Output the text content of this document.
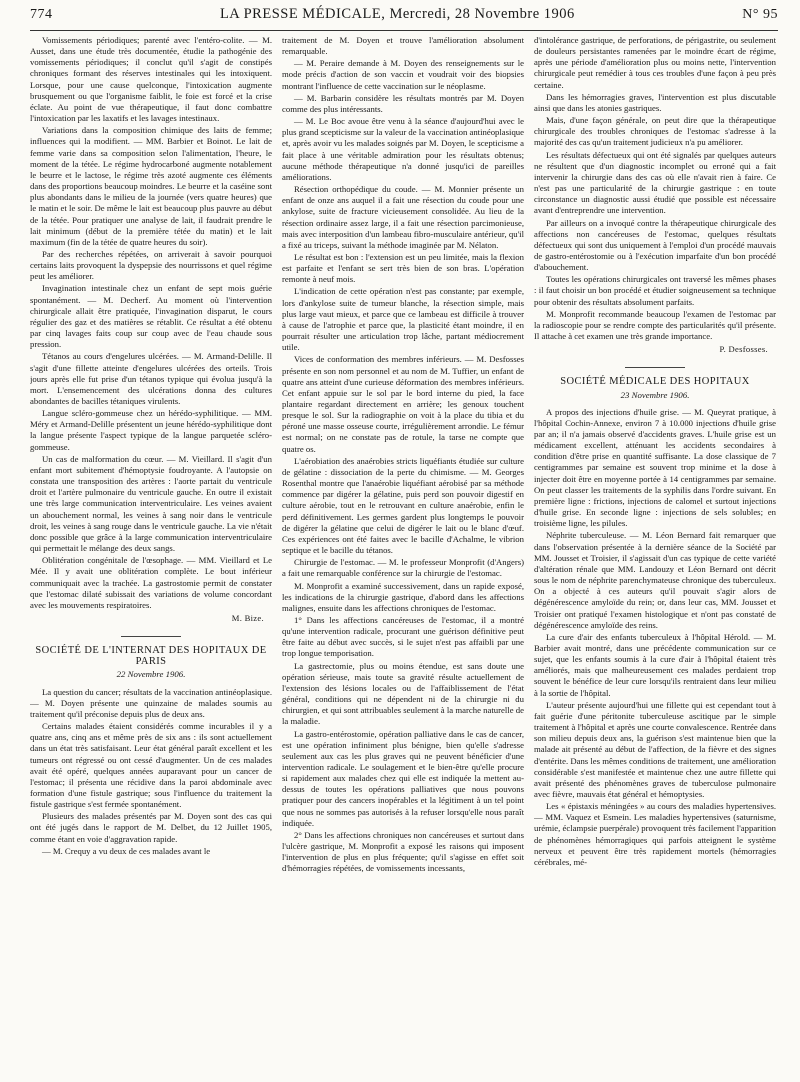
774	LA PRESSE MÉDICALE, Mercredi, 28 Novembre 1906	N° 95

Vomissements périodiques; parenté avec l'entéro-colite. — M. Ausset, dans une étude très documentée, étudie la pathogénie des vomissements périodiques; il conclut qu'il s'agit de constipés chroniques formant des réserves intestinales qui les intoxiquent. Lorsque, pour une cause quelconque, l'intoxication augmente brusquement ou que l'organisme faiblit, le foie est forcé et la crise éclate. Au point de vue thérapeutique, il faut donc combattre l'intoxication par les laxatifs et les lavages intestinaux.

Variations dans la composition chimique des laits de femme; influences qui la modifient. — MM. Barbier et Boinot. Le lait de femme varie dans sa composition selon l'alimentation, l'heure, le moment de la tétée. Le régime hydrocarboné augmente notablement le beurre et le lactose, le régime très azoté augmente ces éléments dans des proportions beaucoup moindres. Le beurre et la caséine sont plus abondants dans le milieu de la journée (vers quatre heures) que le matin et le soir. De même le lait est beaucoup plus pauvre au début de la tétée. Pour pratiquer une analyse de lait, il faudrait prendre le lait minimum (début de la première tétée du matin) et le lait maximum (fin de la tétée de quatre heures du soir).

Par des recherches répétées, on arriverait à savoir pourquoi certains laits provoquent la dyspepsie des nourrissons et quel régime peut les améliorer.

Invagination intestinale chez un enfant de sept mois guérie spontanément. — M. Decherf. Au moment où l'intervention chirurgicale allait être pratiquée, l'invagination disparut, le cours régulier des gaz et des matières se rétablit. Ce résultat a été obtenu par cinq lavages faits coup sur coup avec de l'eau chaude sous pression.

Tétanos au cours d'engelures ulcérées. — M. Armand-Delille. Il s'agit d'une fillette atteinte d'engelures ulcérées des orteils. Trois jours après elle fut prise d'un tétanos typique qui évolua jusqu'à la mort. L'ensemencement des ulcérations donna des cultures abondantes de bacilles tétaniques virulents.

Langue scléro-gommeuse chez un hérédo-syphilitique. — MM. Méry et Armand-Delille présentent un jeune hérédo-syphilitique dont la langue présente l'aspect typique de la langue parquetée scléro-gommeuse.

Un cas de malformation du cœur. — M. Vieillard. Il s'agit d'un enfant mort subitement d'hémoptysie foudroyante. A l'autopsie on constata une transposition des artères : l'aorte partait du ventricule droit et l'artère pulmonaire du ventricule gauche. En outre il existait une très large communication interventriculaire. Les veines avaient un abouchement normal, les veines à sang noir dans le ventricule droit, les veines à sang rouge dans le ventricule gauche. La vie n'était donc possible que grâce à la large communication interventriculaire qui permettait le mélange des deux sangs.

Oblitération congénitale de l'œsophage. — MM. Vieillard et Le Mée. Il y avait une oblitération complète. Le bout inférieur communiquait avec la trachée. La gastrostomie permit de constater que l'estomac dilaté subissait des variations de volume concordant avec les mouvements respiratoires.

M. Bize.
SOCIÉTÉ DE L'INTERNAT DES HOPITAUX DE PARIS
22 Novembre 1906.

La question du cancer; résultats de la vaccination antinéoplasique. — M. Doyen présente une quinzaine de malades soumis au traitement qu'il préconise depuis plus de deux ans.

Certains malades étaient considérés comme incurables il y a quatre ans, cinq ans et même près de six ans : ils sont actuellement dans un état très satisfaisant. Leur état général paraît excellent et les tumeurs ont régressé ou ont cessé d'augmenter. Un de ces malades avait été opéré, quelques années auparavant pour un cancer de l'estomac; il présenta une récidive dans la paroi abdominale avec formation d'une fistule gastrique; sous l'influence du traitement la fistule gastrique s'est fermée spontanément.

Plusieurs des malades présentés par M. Doyen sont des cas qui ont été jugés dans le rapport de M. Delbet, du 12 Juillet 1905, comme étant en voie d'aggravation rapide.

— M. Crequy a vu deux de ces malades avant le

traitement de M. Doyen et trouve l'amélioration absolument remarquable.

— M. Peraire demande à M. Doyen des renseignements sur le mode précis d'action de son vaccin et voudrait voir des biopsies montrant l'influence de cette vaccination sur le néoplasme.

— M. Barbarin considère les résultats montrés par M. Doyen comme des plus intéressants.

— M. Le Boc avoue être venu à la séance d'aujourd'hui avec le plus grand scepticisme sur la valeur de la vaccination antinéoplasique et, après avoir vu les malades soignés par M. Doyen, le scepticisme a fait place à une véritable admiration pour les résultats obtenus; aucune méthode thérapeutique n'a donné jusqu'ici de pareilles améliorations.

Résection orthopédique du coude. — M. Monnier présente un enfant de onze ans auquel il a fait une résection du coude pour une ankylose, suite de fracture vicieusement consolidée. Au lieu de la résection ordinaire assez large, il a fait une résection parcimonieuse, mais avec interposition d'un lambeau fibro-musculaire antérieur, qu'il a fixé au triceps, suivant la méthode imaginée par M. Nélaton.

Le résultat est bon : l'extension est un peu limitée, mais la flexion est parfaite et l'enfant se sert très bien de son bras. L'opération remonte à neuf mois.

L'indication de cette opération n'est pas constante; par exemple, lors d'ankylose suite de tumeur blanche, la résection simple, mais plus large vaut mieux, et parce que ce lambeau est difficile à trouver à cause de l'atrophie et parce que, la plasticité étant moindre, il en pourrait résulter une articulation trop lâche, partant médiocrement utile.

Vices de conformation des membres inférieurs. — M. Desfosses présente en son nom personnel et au nom de M. Tuffier, un enfant de quatre ans atteint d'une curieuse déformation des membres inférieurs. Cet enfant appuie sur le sol par le bord interne du pied, la face plantaire regardant directement en arrière; les genoux touchent presque le sol. Sur la radiographie on voit à la place du tibia et du péroné une masse osseuse courte, irrégulièrement arrondie. Le fémur est normal; on ne constate pas de rotule, la tarse ne compte que quatre os.

L'aérobiation des anaérobies stricts liquéfiants étudiée sur culture de gélatine : dissociation de la perte du chimisme. — M. Georges Rosenthal montre que l'anaérobie liquéfiant aérobisé par sa méthode commence par digérer la gélatine, puis perd son pouvoir digestif en culture aérobie, tout en le retrouvant en culture anaérobie, enfin le perd définitivement. Les germes gardent plus longtemps le pouvoir de digérer la gélatine que celui de digérer le lait ou le blanc d'œuf. Ces expériences ont été faites avec le bacille d'Achalme, le vibrion septique et le bacille du tétanos.

Chirurgie de l'estomac. — M. le professeur Monprofit (d'Angers) a fait une remarquable conférence sur la chirurgie de l'estomac.

M. Monprofit a examiné successivement, dans un rapide exposé, les indications de la chirurgie gastrique, d'abord dans les affections malignes, ensuite dans les affections chroniques de l'estomac.

1° Dans les affections cancéreuses de l'estomac, il a montré qu'une intervention radicale, procurant une guérison définitive peut être faite au début avec succès, si le sujet n'est pas affaibli par une trop longue temporisation.

La gastrectomie, plus ou moins étendue, est sans doute une opération sérieuse, mais toute sa gravité résulte actuellement de l'extension des lésions locales ou de l'affaiblissement de l'état général, conditions qui ne dépendent ni de la chirurgie ni du chirurgien, et qui sont attribuables seulement à la marche naturelle de la maladie.

La gastro-entérostomie, opération palliative dans le cas de cancer, est une opération infiniment plus bénigne, bien qu'elle s'adresse seulement aux cas les plus graves qui ne peuvent bénéficier d'une intervention radicale. Le soulagement et le bien-être qu'elle procure si rapidement aux malades chez qui elle est indiquée la mettent au-dessus de toutes les opérations palliatives que nous pouvons pratiquer pour des cancers inopérables et la légitiment à un tel point que nous ne sommes pas autorisés à la refuser lorsqu'elle nous paraît indiquée.

2° Dans les affections chroniques non cancéreuses et surtout dans l'ulcère gastrique, M. Monprofit a exposé les raisons qui imposent l'intervention de plus en plus fréquente; qu'il s'agisse en effet soit d'hémorragies répétées, de vomissements incessants,

d'intolérance gastrique, de perforations, de périgastrite, ou seulement de douleurs persistantes ramenées par le moindre écart de régime, après une période d'amélioration plus ou moins nette, l'intervention chirurgicale peut remédier à tous ces troubles d'une façon à peu près certaine.

Dans les hémorragies graves, l'intervention est plus discutable ainsi que dans les atonies gastriques.

Mais, d'une façon générale, on peut dire que la thérapeutique chirurgicale des troubles chroniques de l'estomac s'adresse à la majorité des cas qu'un traitement judicieux n'a pu améliorer.

Les résultats défectueux qui ont été signalés par quelques auteurs ne résultent que d'un diagnostic incomplet ou erroné qui a fait intervenir la chirurgie dans des cas où elle n'avait rien à faire. Ce n'est pas une particularité de la chirurgie gastrique : en toute circonstance un diagnostic aussi étudié que possible est nécessaire avant d'entreprendre une intervention.

Par ailleurs on a invoqué contre la thérapeutique chirurgicale des affections non cancéreuses de l'estomac, quelques résultats défectueux qui sont dus uniquement à l'emploi d'un procédé mauvais de gastro-entérostomie ou à l'exécution imparfaite d'un bon procédé d'abouchement.

Toutes les opérations chirurgicales ont traversé les mêmes phases : il faut choisir un bon procédé et étudier soigneusement sa technique pour obtenir des résultats absolument parfaits.

M. Monprofit recommande beaucoup l'examen de l'estomac par la radioscopie pour se rendre compte des particularités qu'il présente. Il attache à cet examen une très grande importance.

P. Desfosses.
SOCIÉTÉ MÉDICALE DES HOPITAUX
23 Novembre 1906.

A propos des injections d'huile grise. — M. Queyrat pratique, à l'hôpital Cochin-Annexe, environ 7 à 10.000 injections d'huile grise par an; il n'a jamais observé d'accidents graves. L'huile grise est un médicament excellent, atténuant les accidents secondaires à condition d'être prise en quantité suffisante. La dose classique de 7 centigrammes par semaine est souvent trop minime et la dose à injecter doit être en moyenne portée à 14 centigrammes par semaine. On peut classer les traitements de la syphilis dans l'ordre suivant. En première ligne : frictions, injections de calomel et surtout injections d'huile grise. En seconde ligne : injections de sels solubles; en troisième ligne, les pilules.

Néphrite tuberculeuse. — M. Léon Bernard fait remarquer que dans l'observation présentée à la dernière séance de la Société par MM. Jousset et Troisier, il s'agissait d'un cas typique de cette variété d'altération rénale que MM. Landouzy et Léon Bernard ont décrit sous le nom de néphrite parenchymateuse chronique des tuberculeux. On a objecté à ces auteurs qu'il pouvait s'agir alors de dégénérescence amyloïde du rein; or, dans leur cas, MM. Jousset et Troisier ont pratiqué l'examen histologique et n'ont pas constaté de dégénérescence amyloïde des reins.

La cure d'air des enfants tuberculeux à l'hôpital Hérold. — M. Barbier avait montré, dans une précédente communication sur ce sujet, que les enfants soumis à la cure d'air à l'hôpital étaient très améliorés, mais que malheureusement ces malades perdaient trop souvent le bénéfice de leur cure lorsqu'ils rentraient dans leur milieu à la sortie de l'hôpital.

L'auteur présente aujourd'hui une fillette qui est cependant tout à fait guérie d'une péritonite tuberculeuse ascitique par le simple traitement à l'hôpital et après une courte convalescence. Rentrée dans son milieu depuis deux ans, la guérison s'est maintenue bien que la malade ait présenté au début de l'affection, de la fièvre et des signes d'entérite. Dans les mêmes conditions de traitement, une amélioration considérable s'est manifestée et maintenue chez une autre fillette qui avait présenté des phénomènes graves de tuberculose pulmonaire avec fièvre, mauvais état général et hémoptysies.

Les « épistaxis méningées » au cours des maladies hypertensives. — MM. Vaquez et Esmein. Les maladies hypertensives (saturnisme, urémie, éclampsie puerpérale) provoquent très facilement l'apparition de phénomènes hémorragiques qui parfois atteignent le système nerveux et peuvent être très rapidement mortels (hémorragies cérébrales, mé-
